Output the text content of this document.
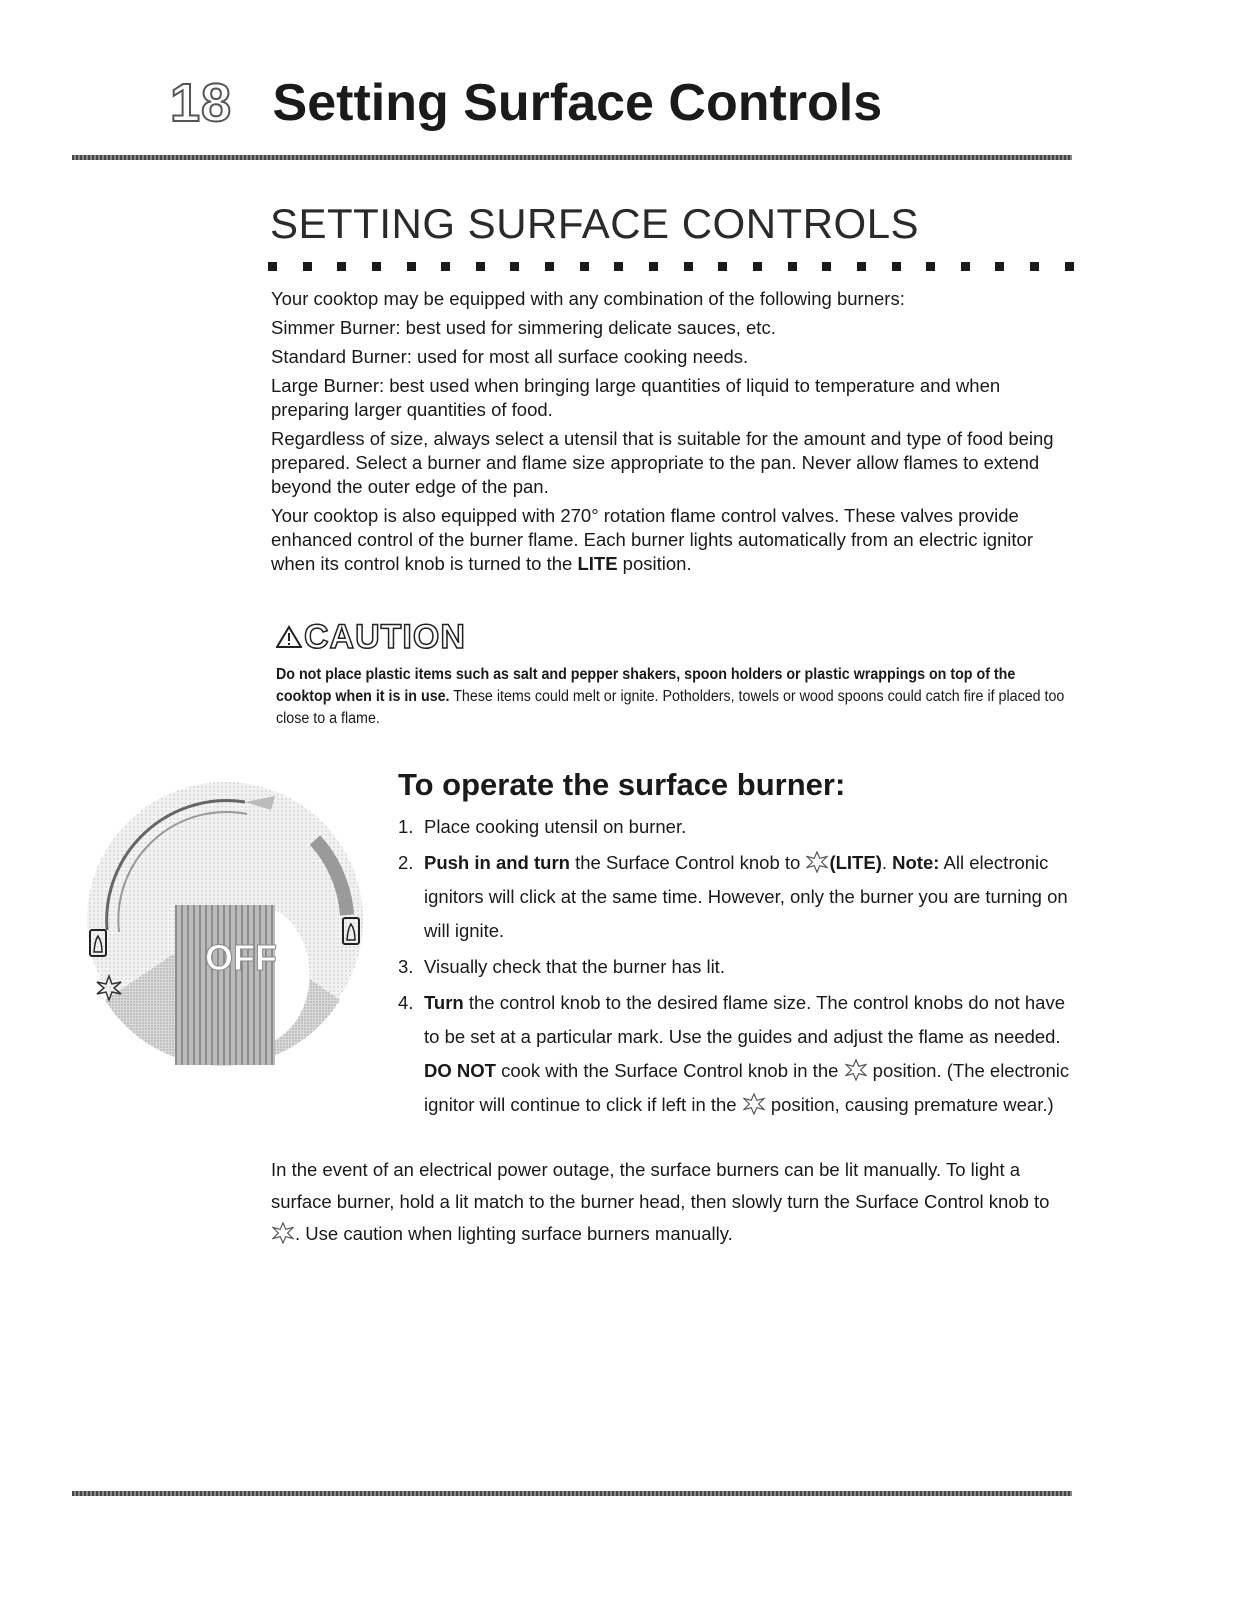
18 Setting Surface Controls
SETTING SURFACE CONTROLS

Your cooktop may be equipped with any combination of the following burners:

Simmer Burner: best used for simmering delicate sauces, etc.

Standard Burner: used for most all surface cooking needs.

Large Burner: best used when bringing large quantities of liquid to temperature and when preparing larger quantities of food.

Regardless of size, always select a utensil that is suitable for the amount and type of food being prepared. Select a burner and flame size appropriate to the pan. Never allow flames to extend beyond the outer edge of the pan.

Your cooktop is also equipped with 270° rotation flame control valves. These valves provide enhanced control of the burner flame. Each burner lights automatically from an electric ignitor when its control knob is turned to the LITE position.

CAUTION
Do not place plastic items such as salt and pepper shakers, spoon holders or plastic wrappings on top of the cooktop when it is in use. These items could melt or ignite. Potholders, towels or wood spoons could catch fire if placed too close to a flame.
OFF
To operate the surface burner:
1. Place cooking utensil on burner.
2. Push in and turn the Surface Control knob to (LITE). Note: All electronic ignitors will click at the same time. However, only the burner you are turning on will ignite.
3. Visually check that the burner has lit.
4. Turn the control knob to the desired flame size. The control knobs do not have to be set at a particular mark. Use the guides and adjust the flame as needed. DO NOT cook with the Surface Control knob in the  position. (The electronic ignitor will continue to click if left in the  position, causing premature wear.)
In the event of an electrical power outage, the surface burners can be lit manually. To light a surface burner, hold a lit match to the burner head, then slowly turn the Surface Control knob to . Use caution when lighting surface burners manually.
